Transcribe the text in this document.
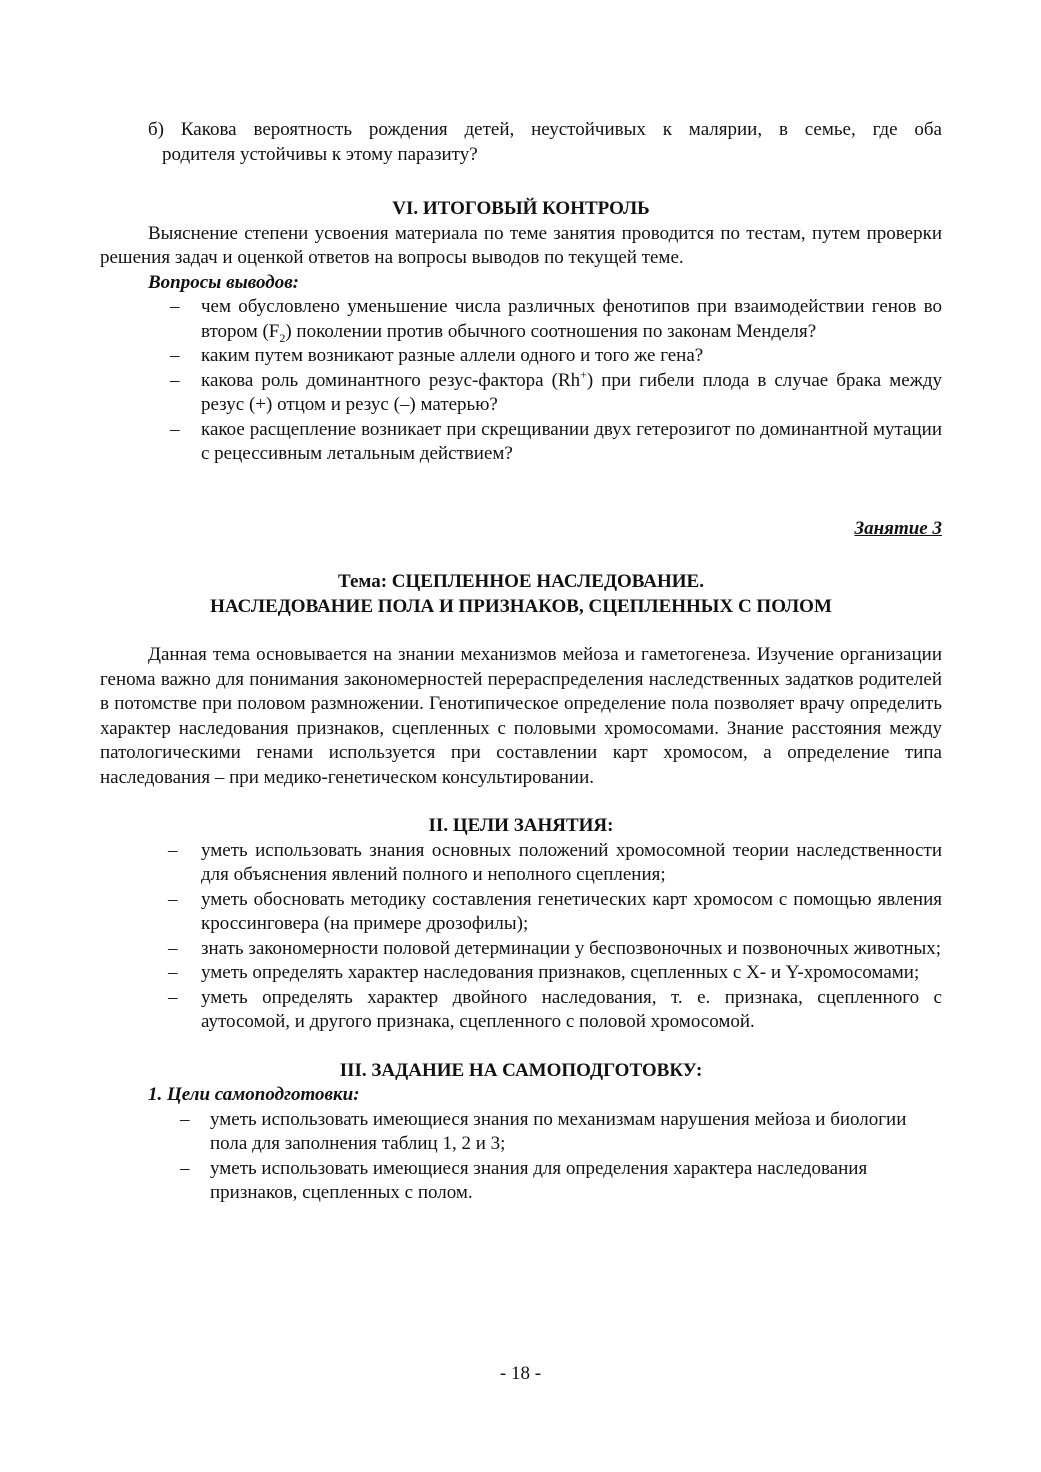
б) Какова вероятность рождения детей, неустойчивых к малярии, в семье, где оба
родителя устойчивы к этому паразиту?
VI. ИТОГОВЫЙ КОНТРОЛЬ
Выяснение степени усвоения материала по теме занятия проводится по тестам, путем проверки решения задач и оценкой ответов на вопросы выводов по текущей теме.
Вопросы выводов:
– чем обусловлено уменьшение числа различных фенотипов при взаимодействии генов во втором $(F_2)$ поколении против обычного соотношения по законам Менделя?
– каким путем возникают разные аллели одного и того же гена?
– какова роль доминантного резус-фактора (Rh+) при гибели плода в случае брака между резус (+) отцом и резус (–) матерью?
– какое расщепление возникает при скрещивании двух гетерозигот по доминантной мутации с рецессивным летальным действием?
Занятие 3
Тема: СЦЕПЛЕННОЕ НАСЛЕДОВАНИЕ.
НАСЛЕДОВАНИЕ ПОЛА И ПРИЗНАКОВ, СЦЕПЛЕННЫХ С ПОЛОМ
Данная тема основывается на знании механизмов мейоза и гаметогенеза. Изучение организации генома важно для понимания закономерностей перераспределения наследственных задатков родителей в потомстве при половом размножении. Генотипическое определение пола позволяет врачу определить характер наследования признаков, сцепленных с половыми хромосомами. Знание расстояния между патологическими генами используется при составлении карт хромосом, а определение типа наследования – при медико-генетическом консультировании.
II. ЦЕЛИ ЗАНЯТИЯ:
– уметь использовать знания основных положений хромосомной теории наследственности для объяснения явлений полного и неполного сцепления;
– уметь обосновать методику составления генетических карт хромосом с помощью явления кроссинговера (на примере дрозофилы);
– знать закономерности половой детерминации у беспозвоночных и позвоночных животных;
– уметь определять характер наследования признаков, сцепленных с X- и Y-хромосомами;
– уметь определять характер двойного наследования, т. е. признака, сцепленного с аутосомой, и другого признака, сцепленного с половой хромосомой.
III. ЗАДАНИЕ НА САМОПОДГОТОВКУ:
1. Цели самоподготовки:
– уметь использовать имеющиеся знания по механизмам нарушения мейоза и биологии пола для заполнения таблиц 1, 2 и 3;
– уметь использовать имеющиеся знания для определения характера наследования признаков, сцепленных с полом.
- 18 -
